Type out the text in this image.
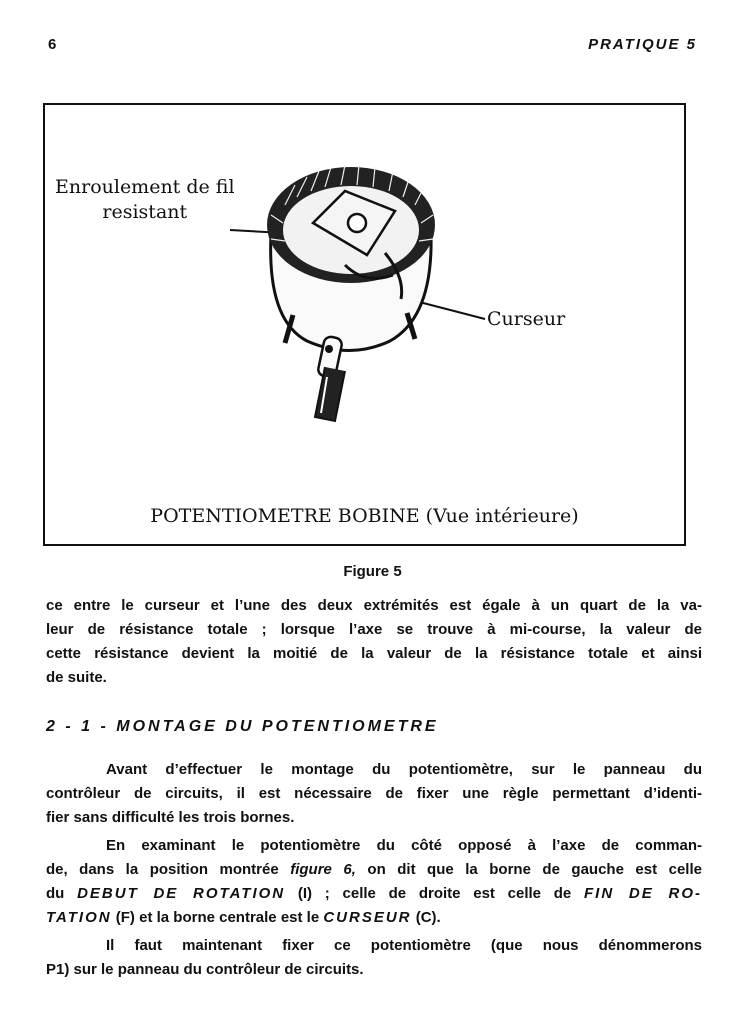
6	PRATIQUE 5
Enroulement de fil
resistant
Curseur
POTENTIOMETRE BOBINE (Vue intérieure)
Figure 5
ce entre le curseur et l’une des deux extrémités est égale à un quart de la va-
leur de résistance totale ; lorsque l’axe se trouve à mi-course, la valeur de
cette résistance devient la moitié de la valeur de la résistance totale et ainsi
de suite.
2 - 1 - MONTAGE DU POTENTIOMETRE
Avant d’effectuer le montage du potentiomètre, sur le panneau du
contrôleur de circuits, il est nécessaire de fixer une règle permettant d’identi-
fier sans difficulté les trois bornes.
En examinant le potentiomètre du côté opposé à l’axe de comman-
de, dans la position montrée figure 6, on dit que la borne de gauche est celle
du DEBUT DE ROTATION (I) ; celle de droite est celle de FIN DE RO-
TATION (F) et la borne centrale est le CURSEUR (C).
Il faut maintenant fixer ce potentiomètre (que nous dénommerons
P1) sur le panneau du contrôleur de circuits.
